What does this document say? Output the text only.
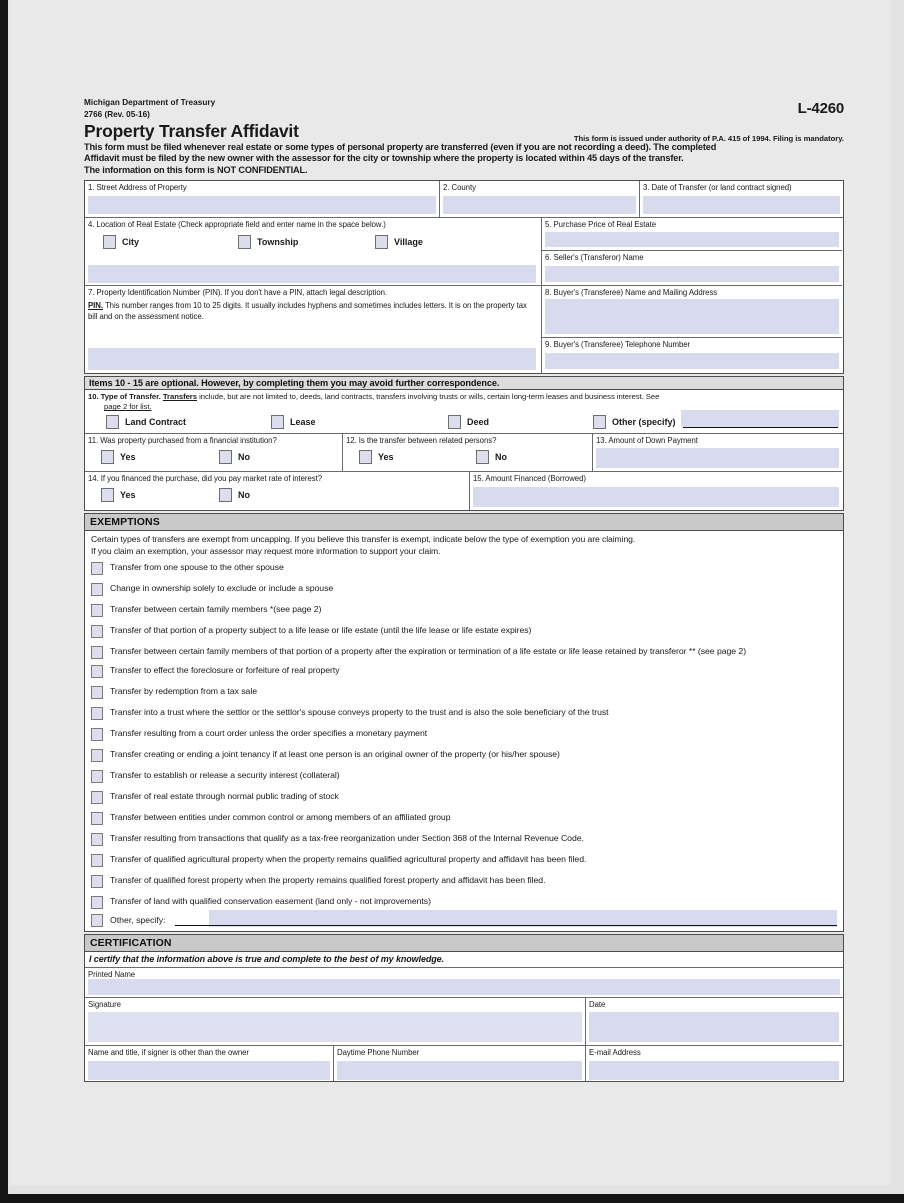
Michigan Department of Treasury
2766 (Rev. 05-16)	L-4260
Property Transfer Affidavit	This form is issued under authority of P.A. 415 of 1994. Filing is mandatory.
This form must be filed whenever real estate or some types of personal property are transferred (even if you are not recording a deed). The completed
Affidavit must be filed by the new owner with the assessor for the city or township where the property is located within 45 days of the transfer.
The information on this form is NOT CONFIDENTIAL.
1. Street Address of Property	2. County	3. Date of Transfer (or land contract signed)
4. Location of Real Estate (Check appropriate field and enter name in the space below.)
City	Township	Village
5. Purchase Price of Real Estate
6. Seller's (Transferor) Name
7. Property Identification Number (PIN). If you don't have a PIN, attach legal description.
PIN. This number ranges from 10 to 25 digits. It usually includes hyphens and sometimes includes letters. It is on the property tax bill and on the assessment notice.
8. Buyer's (Transferee) Name and Mailing Address
9. Buyer's (Transferee) Telephone Number
Items 10 - 15 are optional. However, by completing them you may avoid further correspondence.
10. Type of Transfer. Transfers include, but are not limited to, deeds, land contracts, transfers involving trusts or wills, certain long-term leases and business interest. See
page 2 for list.
Land Contract	Lease	Deed	Other (specify)
11. Was property purchased from a financial institution?
Yes	No
12. Is the transfer between related persons?
Yes	No
13. Amount of Down Payment
14. If you financed the purchase, did you pay market rate of interest?
Yes	No
15. Amount Financed (Borrowed)
EXEMPTIONS
Certain types of transfers are exempt from uncapping. If you believe this transfer is exempt, indicate below the type of exemption you are claiming.
If you claim an exemption, your assessor may request more information to support your claim.
Transfer from one spouse to the other spouse
Change in ownership solely to exclude or include a spouse
Transfer between certain family members *(see page 2)
Transfer of that portion of a property subject to a life lease or life estate (until the life lease or life estate expires)
Transfer between certain family members of that portion of a property after the expiration or termination of a life estate or life lease retained by transferor ** (see page 2)
Transfer to effect the foreclosure or forfeiture of real property
Transfer by redemption from a tax sale
Transfer into a trust where the settlor or the settlor's spouse conveys property to the trust and is also the sole beneficiary of the trust
Transfer resulting from a court order unless the order specifies a monetary payment
Transfer creating or ending a joint tenancy if at least one person is an original owner of the property (or his/her spouse)
Transfer to establish or release a security interest (collateral)
Transfer of real estate through normal public trading of stock
Transfer between entities under common control or among members of an affiliated group
Transfer resulting from transactions that qualify as a tax-free reorganization under Section 368 of the Internal Revenue Code.
Transfer of qualified agricultural property when the property remains qualified agricultural property and affidavit has been filed.
Transfer of qualified forest property when the property remains qualified forest property and affidavit has been filed.
Transfer of land with qualified conservation easement (land only - not improvements)
Other, specify:
CERTIFICATION
I certify that the information above is true and complete to the best of my knowledge.
Printed Name
Signature	Date
Name and title, if signer is other than the owner	Daytime Phone Number	E-mail Address
